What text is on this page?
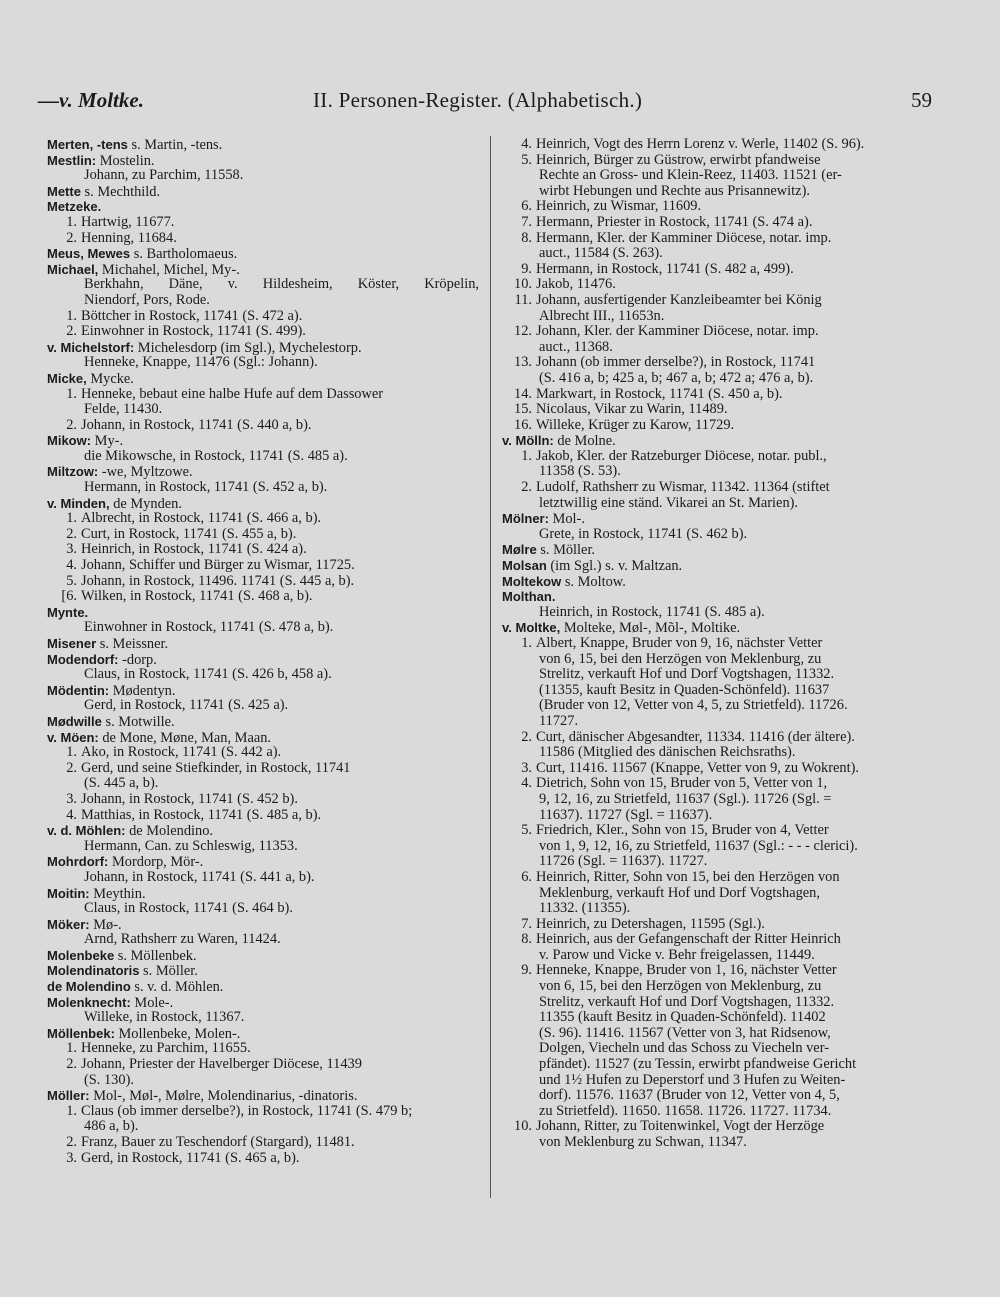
—v. Moltke.	II. Personen-Register. (Alphabetisch.)	59
Merten, -tens s. Martin, -tens.
Mestlin: Mostelin.
Johann, zu Parchim, 11558.
Mette s. Mechthild.
Metzeke.
1. Hartwig, 11677.
2. Henning, 11684.
Meus, Mewes s. Bartholomaeus.
Michael, Michahel, Michel, My-.
Berkhahn, Däne, v. Hildesheim, Köster, Kröpelin,
Niendorf, Pors, Rode.
1. Böttcher in Rostock, 11741 (S. 472 a).
2. Einwohner in Rostock, 11741 (S. 499).
v. Michelstorf: Michelesdorp (im Sgl.), Mychelestorp.
Henneke, Knappe, 11476 (Sgl.: Johann).
Micke, Mycke.
1. Henneke, bebaut eine halbe Hufe auf dem Dassower
Felde, 11430.
2. Johann, in Rostock, 11741 (S. 440 a, b).
Mikow: My-.
die Mikowsche, in Rostock, 11741 (S. 485 a).
Miltzow: -we, Myltzowe.
Hermann, in Rostock, 11741 (S. 452 a, b).
v. Minden, de Mynden.
1. Albrecht, in Rostock, 11741 (S. 466 a, b).
2. Curt, in Rostock, 11741 (S. 455 a, b).
3. Heinrich, in Rostock, 11741 (S. 424 a).
4. Johann, Schiffer und Bürger zu Wismar, 11725.
5. Johann, in Rostock, 11496. 11741 (S. 445 a, b).
[6. Wilken, in Rostock, 11741 (S. 468 a, b).
Mynte.
Einwohner in Rostock, 11741 (S. 478 a, b).
Misener s. Meissner.
Modendorf: -dorp.
Claus, in Rostock, 11741 (S. 426 b, 458 a).
Mödentin: Mødentyn.
Gerd, in Rostock, 11741 (S. 425 a).
Mødwille s. Motwille.
v. Möen: de Mone, Møne, Man, Maan.
1. Ako, in Rostock, 11741 (S. 442 a).
2. Gerd, und seine Stiefkinder, in Rostock, 11741
(S. 445 a, b).
3. Johann, in Rostock, 11741 (S. 452 b).
4. Matthias, in Rostock, 11741 (S. 485 a, b).
v. d. Möhlen: de Molendino.
Hermann, Can. zu Schleswig, 11353.
Mohrdorf: Mordorp, Mör-.
Johann, in Rostock, 11741 (S. 441 a, b).
Moitin: Meythin.
Claus, in Rostock, 11741 (S. 464 b).
Möker: Mø-.
Arnd, Rathsherr zu Waren, 11424.
Molenbeke s. Möllenbek.
Molendinatoris s. Möller.
de Molendino s. v. d. Möhlen.
Molenknecht: Mole-.
Willeke, in Rostock, 11367.
Möllenbek: Mollenbeke, Molen-.
1. Henneke, zu Parchim, 11655.
2. Johann, Priester der Havelberger Diöcese, 11439
(S. 130).
Möller: Mol-, Møl-, Mølre, Molendinarius, -dinatoris.
1. Claus (ob immer derselbe?), in Rostock, 11741 (S. 479 b;
486 a, b).
2. Franz, Bauer zu Teschendorf (Stargard), 11481.
3. Gerd, in Rostock, 11741 (S. 465 a, b).
4. Heinrich, Vogt des Herrn Lorenz v. Werle, 11402 (S. 96).
5. Heinrich, Bürger zu Güstrow, erwirbt pfandweise
Rechte an Gross- und Klein-Reez, 11403. 11521 (er-
wirbt Hebungen und Rechte aus Prisannewitz).
6. Heinrich, zu Wismar, 11609.
7. Hermann, Priester in Rostock, 11741 (S. 474 a).
8. Hermann, Kler. der Kamminer Diöcese, notar. imp.
auct., 11584 (S. 263).
9. Hermann, in Rostock, 11741 (S. 482 a, 499).
10. Jakob, 11476.
11. Johann, ausfertigender Kanzleibeamter bei König
Albrecht III., 11653n.
12. Johann, Kler. der Kamminer Diöcese, notar. imp.
auct., 11368.
13. Johann (ob immer derselbe?), in Rostock, 11741
(S. 416 a, b; 425 a, b; 467 a, b; 472 a; 476 a, b).
14. Markwart, in Rostock, 11741 (S. 450 a, b).
15. Nicolaus, Vikar zu Warin, 11489.
16. Willeke, Krüger zu Karow, 11729.
v. Mölln: de Molne.
1. Jakob, Kler. der Ratzeburger Diöcese, notar. publ.,
11358 (S. 53).
2. Ludolf, Rathsherr zu Wismar, 11342. 11364 (stiftet
letztwillig eine ständ. Vikarei an St. Marien).
Mölner: Mol-.
Grete, in Rostock, 11741 (S. 462 b).
Mølre s. Möller.
Molsan (im Sgl.) s. v. Maltzan.
Moltekow s. Moltow.
Molthan.
Heinrich, in Rostock, 11741 (S. 485 a).
v. Moltke, Molteke, Møl-, Mõl-, Moltike.
1. Albert, Knappe, Bruder von 9, 16, nächster Vetter
von 6, 15, bei den Herzögen von Meklenburg, zu
Strelitz, verkauft Hof und Dorf Vogtshagen, 11332.
(11355, kauft Besitz in Quaden-Schönfeld). 11637
(Bruder von 12, Vetter von 4, 5, zu Strietfeld). 11726.
11727.
2. Curt, dänischer Abgesandter, 11334. 11416 (der ältere).
11586 (Mitglied des dänischen Reichsraths).
3. Curt, 11416. 11567 (Knappe, Vetter von 9, zu Wokrent).
4. Dietrich, Sohn von 15, Bruder von 5, Vetter von 1,
9, 12, 16, zu Strietfeld, 11637 (Sgl.). 11726 (Sgl. =
11637). 11727 (Sgl. = 11637).
5. Friedrich, Kler., Sohn von 15, Bruder von 4, Vetter
von 1, 9, 12, 16, zu Strietfeld, 11637 (Sgl.: - - - clerici).
11726 (Sgl. = 11637). 11727.
6. Heinrich, Ritter, Sohn von 15, bei den Herzögen von
Meklenburg, verkauft Hof und Dorf Vogtshagen,
11332. (11355).
7. Heinrich, zu Detershagen, 11595 (Sgl.).
8. Heinrich, aus der Gefangenschaft der Ritter Heinrich
v. Parow und Vicke v. Behr freigelassen, 11449.
9. Henneke, Knappe, Bruder von 1, 16, nächster Vetter
von 6, 15, bei den Herzögen von Meklenburg, zu
Strelitz, verkauft Hof und Dorf Vogtshagen, 11332.
11355 (kauft Besitz in Quaden-Schönfeld). 11402
(S. 96). 11416. 11567 (Vetter von 3, hat Ridsenow,
Dolgen, Viecheln und das Schoss zu Viecheln ver-
pfändet). 11527 (zu Tessin, erwirbt pfandweise Gericht
und 1½ Hufen zu Deperstorf und 3 Hufen zu Weiten-
dorf). 11576. 11637 (Bruder von 12, Vetter von 4, 5,
zu Strietfeld). 11650. 11658. 11726. 11727. 11734.
10. Johann, Ritter, zu Toitenwinkel, Vogt der Herzöge
von Meklenburg zu Schwan, 11347.
